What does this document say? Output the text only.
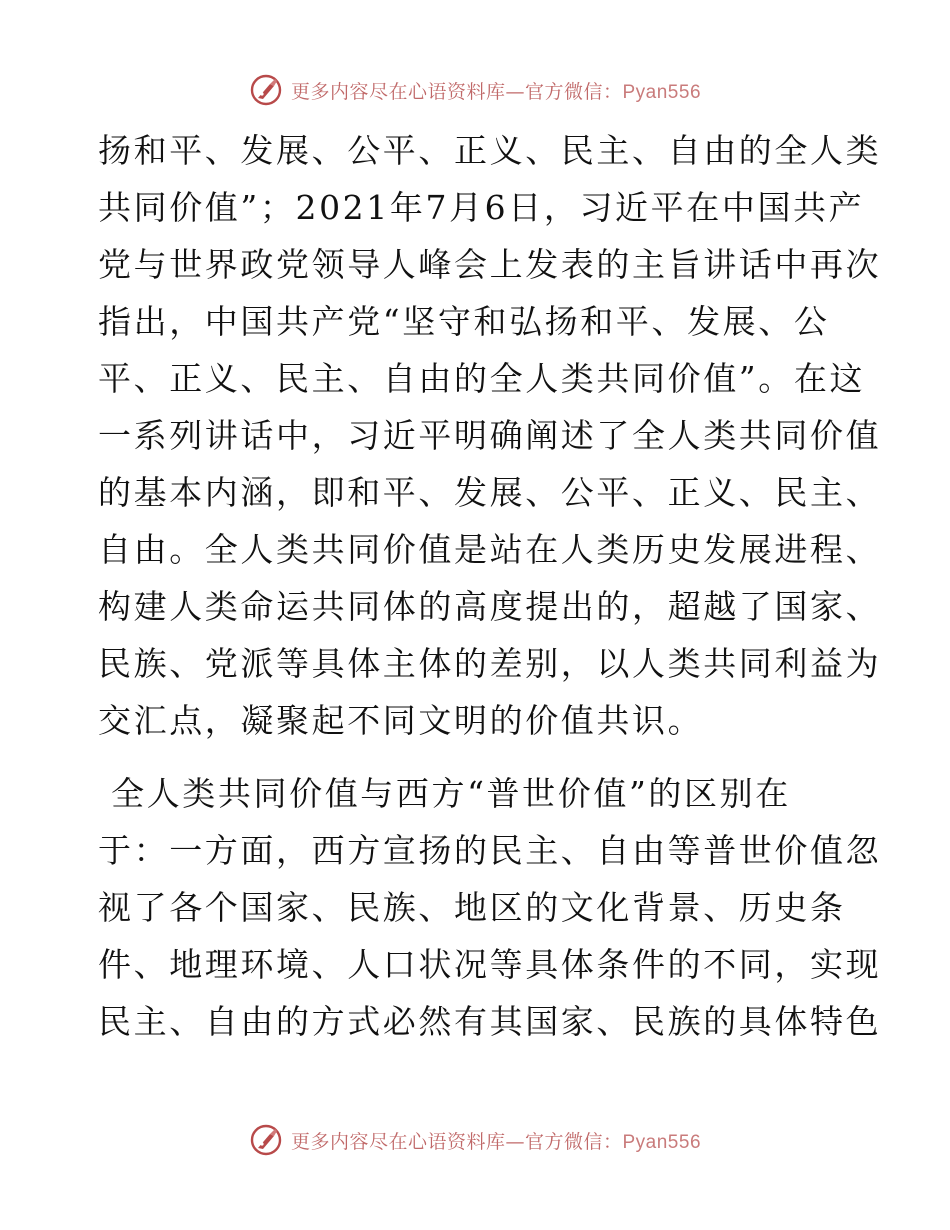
更多内容尽在心语资料库—官方微信：Pyan556
扬和平、发展、公平、正义、民主、自由的全人类
共同价值”；2021年7月6日，习近平在中国共产
党与世界政党领导人峰会上发表的主旨讲话中再次
指出，中国共产党“坚守和弘扬和平、发展、公
平、正义、民主、自由的全人类共同价值”。在这
一系列讲话中，习近平明确阐述了全人类共同价值
的基本内涵，即和平、发展、公平、正义、民主、
自由。全人类共同价值是站在人类历史发展进程、
构建人类命运共同体的高度提出的，超越了国家、
民族、党派等具体主体的差别，以人类共同利益为
交汇点，凝聚起不同文明的价值共识。
全人类共同价值与西方“普世价值”的区别在
于：一方面，西方宣扬的民主、自由等普世价值忽
视了各个国家、民族、地区的文化背景、历史条
件、地理环境、人口状况等具体条件的不同，实现
民主、自由的方式必然有其国家、民族的具体特色
更多内容尽在心语资料库—官方微信：Pyan556
